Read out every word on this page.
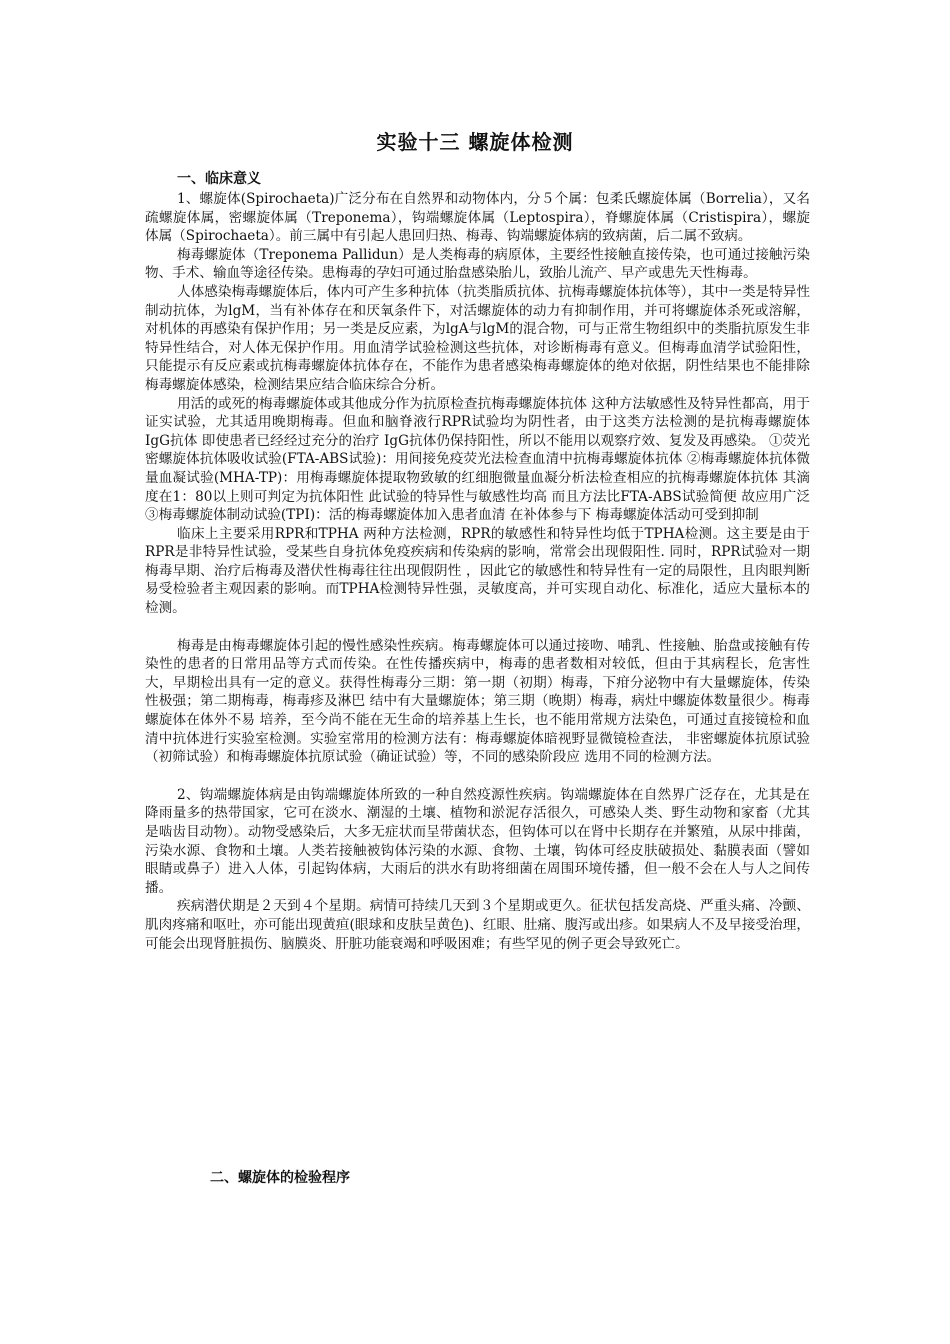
实验十三 螺旋体检测
一、临床意义

1、螺旋体(Spirochaeta)广泛分布在自然界和动物体内，分５个属：包柔氏螺旋体属（Borrelia），又名疏螺旋体属，密螺旋体属（Treponema），钩端螺旋体属（Leptospira），脊螺旋体属（Cristispira），螺旋体属（Spirochaeta）。前三属中有引起人患回归热、梅毒、钩端螺旋体病的致病菌，后二属不致病。

梅毒螺旋体（Treponema Pallidun）是人类梅毒的病原体，主要经性接触直接传染，也可通过接触污染物、手术、输血等途径传染。患梅毒的孕妇可通过胎盘感染胎儿，致胎儿流产、早产或患先天性梅毒。

人体感染梅毒螺旋体后，体内可产生多种抗体（抗类脂质抗体、抗梅毒螺旋体抗体等），其中一类是特异性制动抗体，为lgM，当有补体存在和厌氧条件下，对活螺旋体的动力有抑制作用，并可将螺旋体杀死或溶解，对机体的再感染有保护作用；另一类是反应素，为lgA与lgM的混合物，可与正常生物组织中的类脂抗原发生非特异性结合，对人体无保护作用。用血清学试验检测这些抗体，对诊断梅毒有意义。但梅毒血清学试验阳性，只能提示有反应素或抗梅毒螺旋体抗体存在，不能作为患者感染梅毒螺旋体的绝对依据，阴性结果也不能排除梅毒螺旋体感染，检测结果应结合临床综合分析。

用活的或死的梅毒螺旋体或其他成分作为抗原检查抗梅毒螺旋体抗体 这种方法敏感性及特异性都高，用于证实试验，尤其适用晚期梅毒。但血和脑脊液行RPR试验均为阴性者，由于这类方法检测的是抗梅毒螺旋体IgG抗体 即使患者已经经过充分的治疗 IgG抗体仍保持阳性，所以不能用以观察疗效、复发及再感染。 ①荧光密螺旋体抗体吸收试验(FTA-ABS试验)：用间接免疫荧光法检查血清中抗梅毒螺旋体抗体 ②梅毒螺旋体抗体微量血凝试验(MHA-TP)：用梅毒螺旋体提取物致敏的红细胞微量血凝分析法检查相应的抗梅毒螺旋体抗体 其滴度在1：80以上则可判定为抗体阳性 此试验的特异性与敏感性均高 而且方法比FTA-ABS试验简便 故应用广泛 ③梅毒螺旋体制动试验(TPI)：活的梅毒螺旋体加入患者血清 在补体参与下 梅毒螺旋体活动可受到抑制

临床上主要采用RPR和TPHA 两种方法检测，RPR的敏感性和特异性均低于TPHA检测。这主要是由于RPR是非特异性试验，受某些自身抗体免疫疾病和传染病的影响，常常会出现假阳性. 同时，RPR试验对一期梅毒早期、治疗后梅毒及潜伏性梅毒往往出现假阴性 ，因此它的敏感性和特异性有一定的局限性，且肉眼判断易受检验者主观因素的影响。而TPHA检测特异性强，灵敏度高，并可实现自动化、标准化，适应大量标本的检测。

梅毒是由梅毒螺旋体引起的慢性感染性疾病。梅毒螺旋体可以通过接吻、哺乳、性接触、胎盘或接触有传染性的患者的日常用品等方式而传染。在性传播疾病中，梅毒的患者数相对较低，但由于其病程长，危害性大，早期检出具有一定的意义。获得性梅毒分三期：第一期（初期）梅毒，下疳分泌物中有大量螺旋体，传染性极强；第二期梅毒，梅毒疹及淋巴 结中有大量螺旋体；第三期（晚期）梅毒，病灶中螺旋体数量很少。梅毒螺旋体在体外不易 培养，至今尚不能在无生命的培养基上生长，也不能用常规方法染色，可通过直接镜检和血 清中抗体进行实验室检测。实验室常用的检测方法有：梅毒螺旋体暗视野显微镜检查法， 非密螺旋体抗原试验（初筛试验）和梅毒螺旋体抗原试验（确证试验）等，不同的感染阶段应 选用不同的检测方法。

2、钩端螺旋体病是由钩端螺旋体所致的一种自然疫源性疾病。钩端螺旋体在自然界广泛存在，尤其是在降雨量多的热带国家，它可在淡水、潮湿的土壤、植物和淤泥存活很久，可感染人类、野生动物和家畜（尤其是啮齿目动物）。动物受感染后，大多无症状而呈带菌状态，但钩体可以在肾中长期存在并繁殖，从尿中排菌，污染水源、食物和土壤。人类若接触被钩体污染的水源、食物、土壤，钩体可经皮肤破损处、黏膜表面（譬如眼睛或鼻子）进入人体，引起钩体病，大雨后的洪水有助将细菌在周围环境传播，但一般不会在人与人之间传播。

疾病潜伏期是２天到４个星期。病情可持续几天到３个星期或更久。征状包括发高烧、严重头痛、冷颤、肌肉疼痛和呕吐，亦可能出现黄疸(眼球和皮肤呈黄色)、红眼、肚痛、腹泻或出疹。如果病人不及早接受治理，可能会出现肾脏损伤、脑膜炎、肝脏功能衰竭和呼吸困难；有些罕见的例子更会导致死亡。

二、螺旋体的检验程序
